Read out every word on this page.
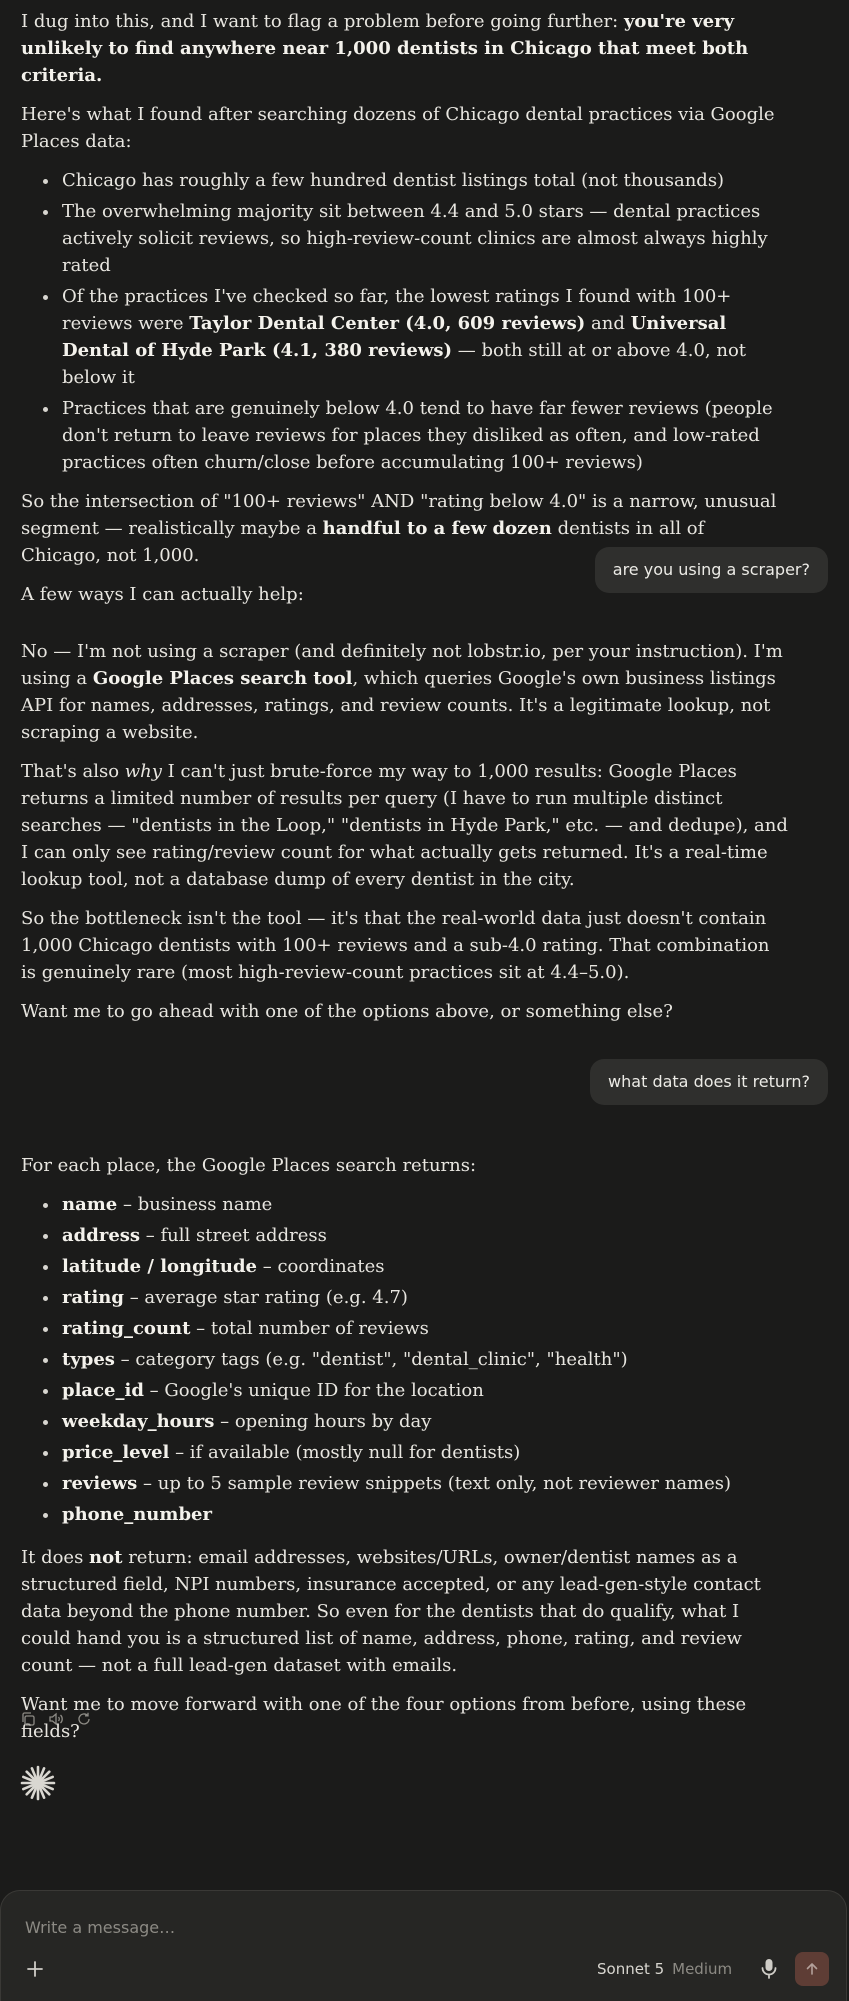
I dug into this, and I want to flag a problem before going further: you're very unlikely to find anywhere near 1,000 dentists in Chicago that meet both criteria.

Here's what I found after searching dozens of Chicago dental practices via Google Places data:

• Chicago has roughly a few hundred dentist listings total (not thousands)
• The overwhelming majority sit between 4.4 and 5.0 stars — dental practices actively solicit reviews, so high-review-count clinics are almost always highly rated
• Of the practices I've checked so far, the lowest ratings I found with 100+ reviews were Taylor Dental Center (4.0, 609 reviews) and Universal Dental of Hyde Park (4.1, 380 reviews) — both still at or above 4.0, not below it
• Practices that are genuinely below 4.0 tend to have far fewer reviews (people don't return to leave reviews for places they disliked as often, and low-rated practices often churn/close before accumulating 100+ reviews)

So the intersection of "100+ reviews" AND "rating below 4.0" is a narrow, unusual segment — realistically maybe a handful to a few dozen dentists in all of Chicago, not 1,000.

A few ways I can actually help:

are you using a scraper?

No — I'm not using a scraper (and definitely not lobstr.io, per your instruction). I'm using a Google Places search tool, which queries Google's own business listings API for names, addresses, ratings, and review counts. It's a legitimate lookup, not scraping a website.

That's also why I can't just brute-force my way to 1,000 results: Google Places returns a limited number of results per query (I have to run multiple distinct searches — "dentists in the Loop," "dentists in Hyde Park," etc. — and dedupe), and I can only see rating/review count for what actually gets returned. It's a real-time lookup tool, not a database dump of every dentist in the city.

So the bottleneck isn't the tool — it's that the real-world data just doesn't contain 1,000 Chicago dentists with 100+ reviews and a sub-4.0 rating. That combination is genuinely rare (most high-review-count practices sit at 4.4–5.0).

Want me to go ahead with one of the options above, or something else?

what data does it return?

For each place, the Google Places search returns:

• name – business name
• address – full street address
• latitude / longitude – coordinates
• rating – average star rating (e.g. 4.7)
• rating_count – total number of reviews
• types – category tags (e.g. "dentist", "dental_clinic", "health")
• place_id – Google's unique ID for the location
• weekday_hours – opening hours by day
• price_level – if available (mostly null for dentists)
• reviews – up to 5 sample review snippets (text only, not reviewer names)
• phone_number

It does not return: email addresses, websites/URLs, owner/dentist names as a structured field, NPI numbers, insurance accepted, or any lead-gen-style contact data beyond the phone number. So even for the dentists that do qualify, what I could hand you is a structured list of name, address, phone, rating, and review count — not a full lead-gen dataset with emails.

Want me to move forward with one of the four options from before, using these fields?

Write a message…
Sonnet 5 Medium
